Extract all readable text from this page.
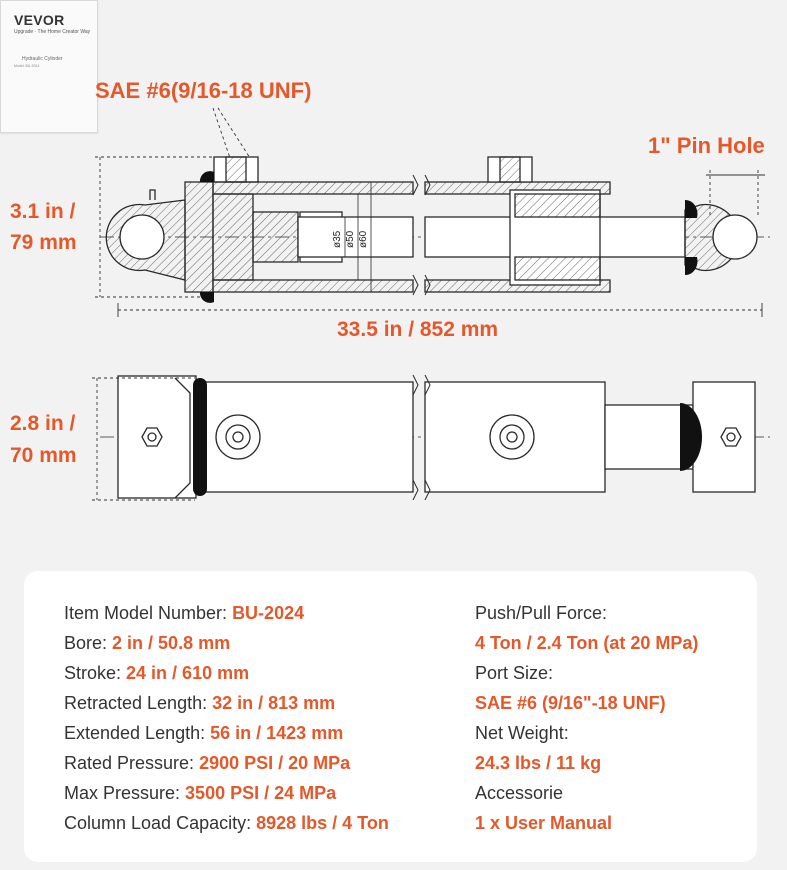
VEVOR
Upgrade · The Home Creator Way
Hydraulic Cylinder
Model: BU-2024
ø35 ø50 ø60
SAE #6(9/16-18 UNF)
1" Pin Hole
3.1 in /
79 mm
33.5 in / 852 mm
2.8 in /
70 mm
Item Model Number: BU-2024
Bore: 2 in / 50.8 mm
Stroke: 24 in / 610 mm
Retracted Length: 32 in / 813 mm
Extended Length: 56 in / 1423 mm
Rated Pressure: 2900 PSI / 20 MPa
Max Pressure: 3500 PSI / 24 MPa
Column Load Capacity: 8928 lbs / 4 Ton
Push/Pull Force:
4 Ton / 2.4 Ton (at 20 MPa)
Port Size:
SAE #6 (9/16"-18 UNF)
Net Weight:
24.3 lbs / 11 kg
Accessorie
1 x User Manual
